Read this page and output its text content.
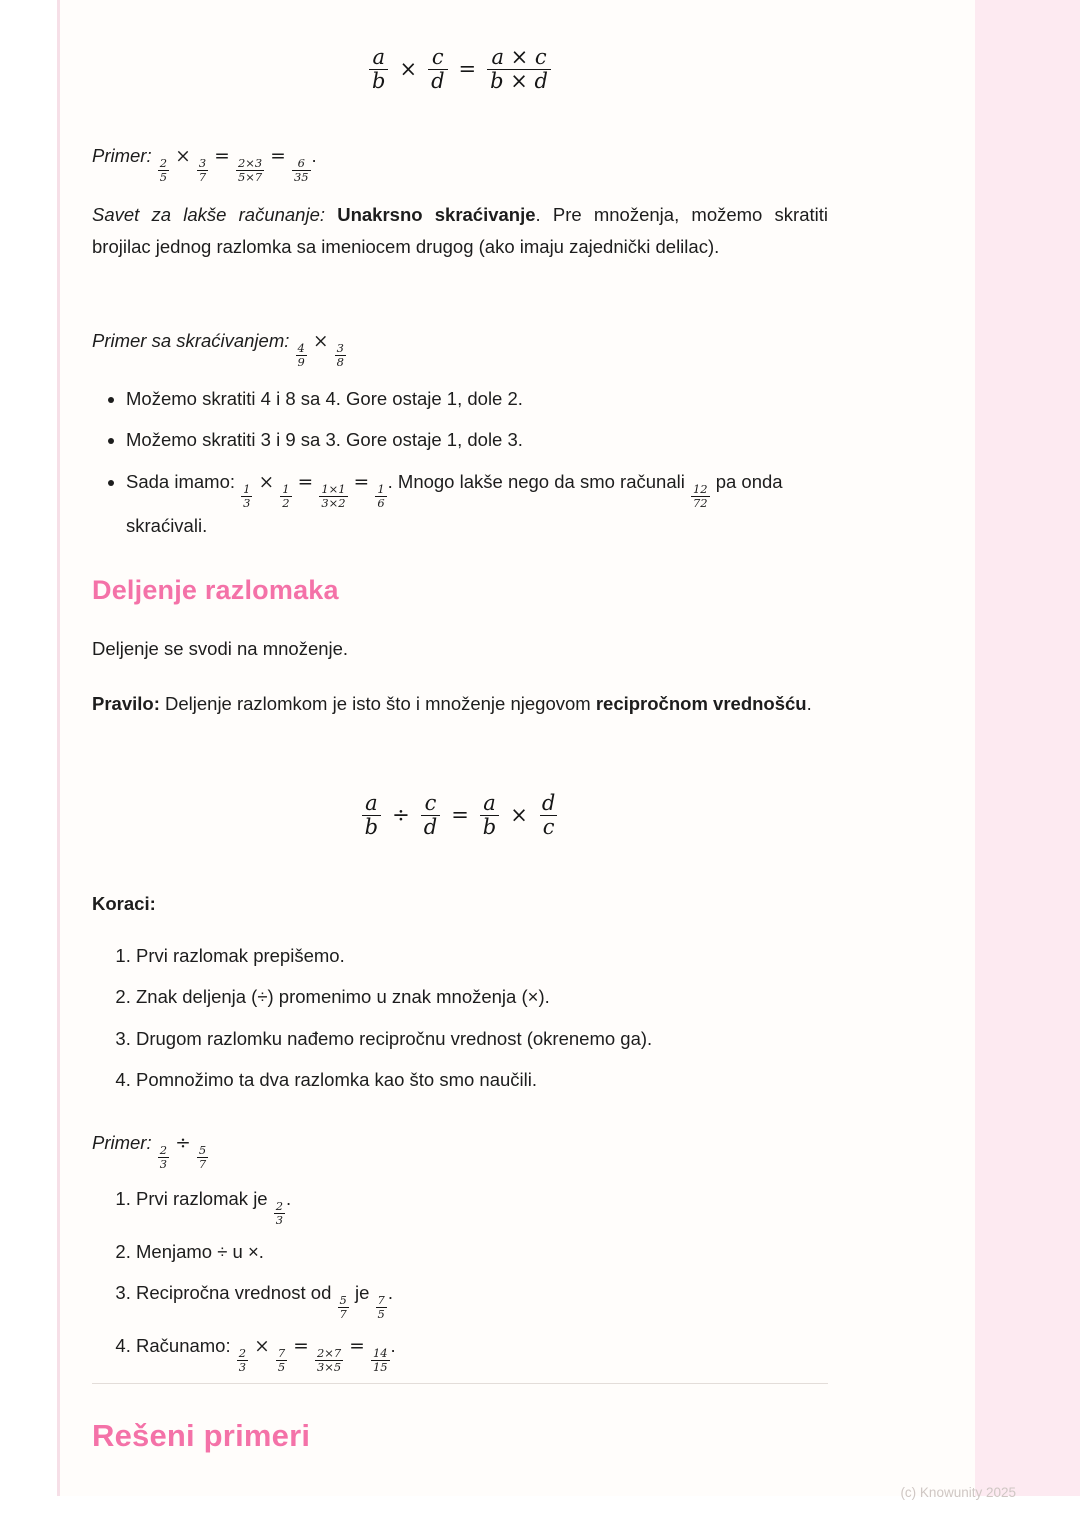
$\frac{a}{b} \times \frac{c}{d} = \frac{a \times c}{b \times d}$

Primer:
$\frac{2}{5}$
×
$\frac{3}{7}$
=
$\frac{2\times 3}{5\times 7}$
=
$\frac{6}{35}$
.

Savet za lakše računanje: Unakrsno skraćivanje. Pre množenja, možemo skratiti brojilac jednog razlomka sa imeniocem drugog (ako imaju zajednički delilac).

Primer sa skraćivanjem:
$\frac{4}{9}$
×
$\frac{3}{8}$

• Možemo skratiti 4 i 8 sa 4. Gore ostaje 1, dole 2.
• Možemo skratiti 3 i 9 sa 3. Gore ostaje 1, dole 3.
• Sada imamo:
$\frac{1}{3}$
×
$\frac{1}{2}$
=
$\frac{1\times 1}{3\times 2}$
=
$\frac{1}{6}$
. Mnogo lakše nego da smo računali
$\frac{12}{72}$
pa onda skraćivali.
Deljenje razlomaka

Deljenje se svodi na množenje.

Pravilo: Deljenje razlomkom je isto što i množenje njegovom recipročnom vrednošću.

$\frac{a}{b} \div \frac{c}{d} = \frac{a}{b} \times \frac{d}{c}$

Koraci:

1. Prvi razlomak prepišemo.
2. Znak deljenja (÷) promenimo u znak množenja (×).
3. Drugom razlomku nađemo recipročnu vrednost (okrenemo ga).
4. Pomnožimo ta dva razlomka kao što smo naučili.

Primer:
$\frac{2}{3}$
÷
$\frac{5}{7}$

1. Prvi razlomak je
$\frac{2}{3}$
.
2. Menjamo ÷ u ×.
3. Recipročna vrednost od
$\frac{5}{7}$
je
$\frac{7}{5}$
.
4. Računamo:
$\frac{2}{3}$
×
$\frac{7}{5}$
=
$\frac{2\times 7}{3\times 5}$
=
$\frac{14}{15}$
.
Rešeni primeri
(c) Knowunity 2025
